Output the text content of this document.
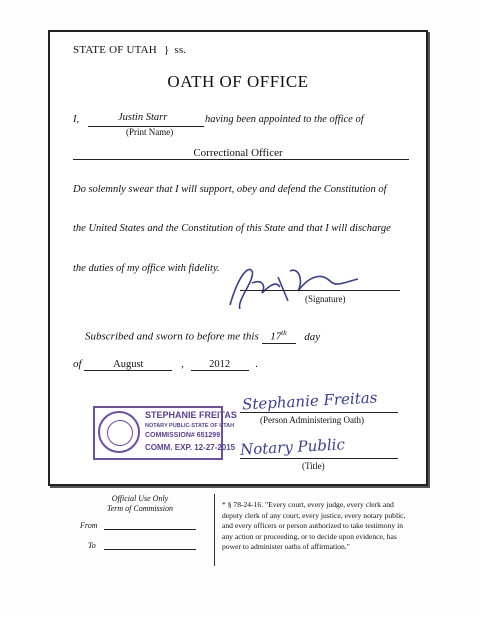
STATE OF UTAH } ss.
OATH OF OFFICE
I,	Justin Starr	having been appointed to the office of
(Print Name)
Correctional Officer
Do solemnly swear that I will support, obey and defend the Constitution of
the United States and the Constitution of this State and that I will discharge
the duties of my office with fidelity.
(Signature)
Subscribed and sworn to before me this 17th day
of	August	, 2012 .
STEPHANIE FREITAS
NOTARY PUBLIC-STATE OF UTAH
COMMISSION# 651299
COMM. EXP. 12-27-2015
Stephanie Freitas
(Person Administering Oath)
Notary Public
(Title)
Official Use Only
Term of Commission
From
To
* § 78-24-16. "Every court, every judge, every clerk and
deputy clerk of any court, every justice, every notary public,
and every officers or person authorized to take testimony in
any action or proceeding, or to decide upon evidence, has
power to administer oaths of affirmation."
